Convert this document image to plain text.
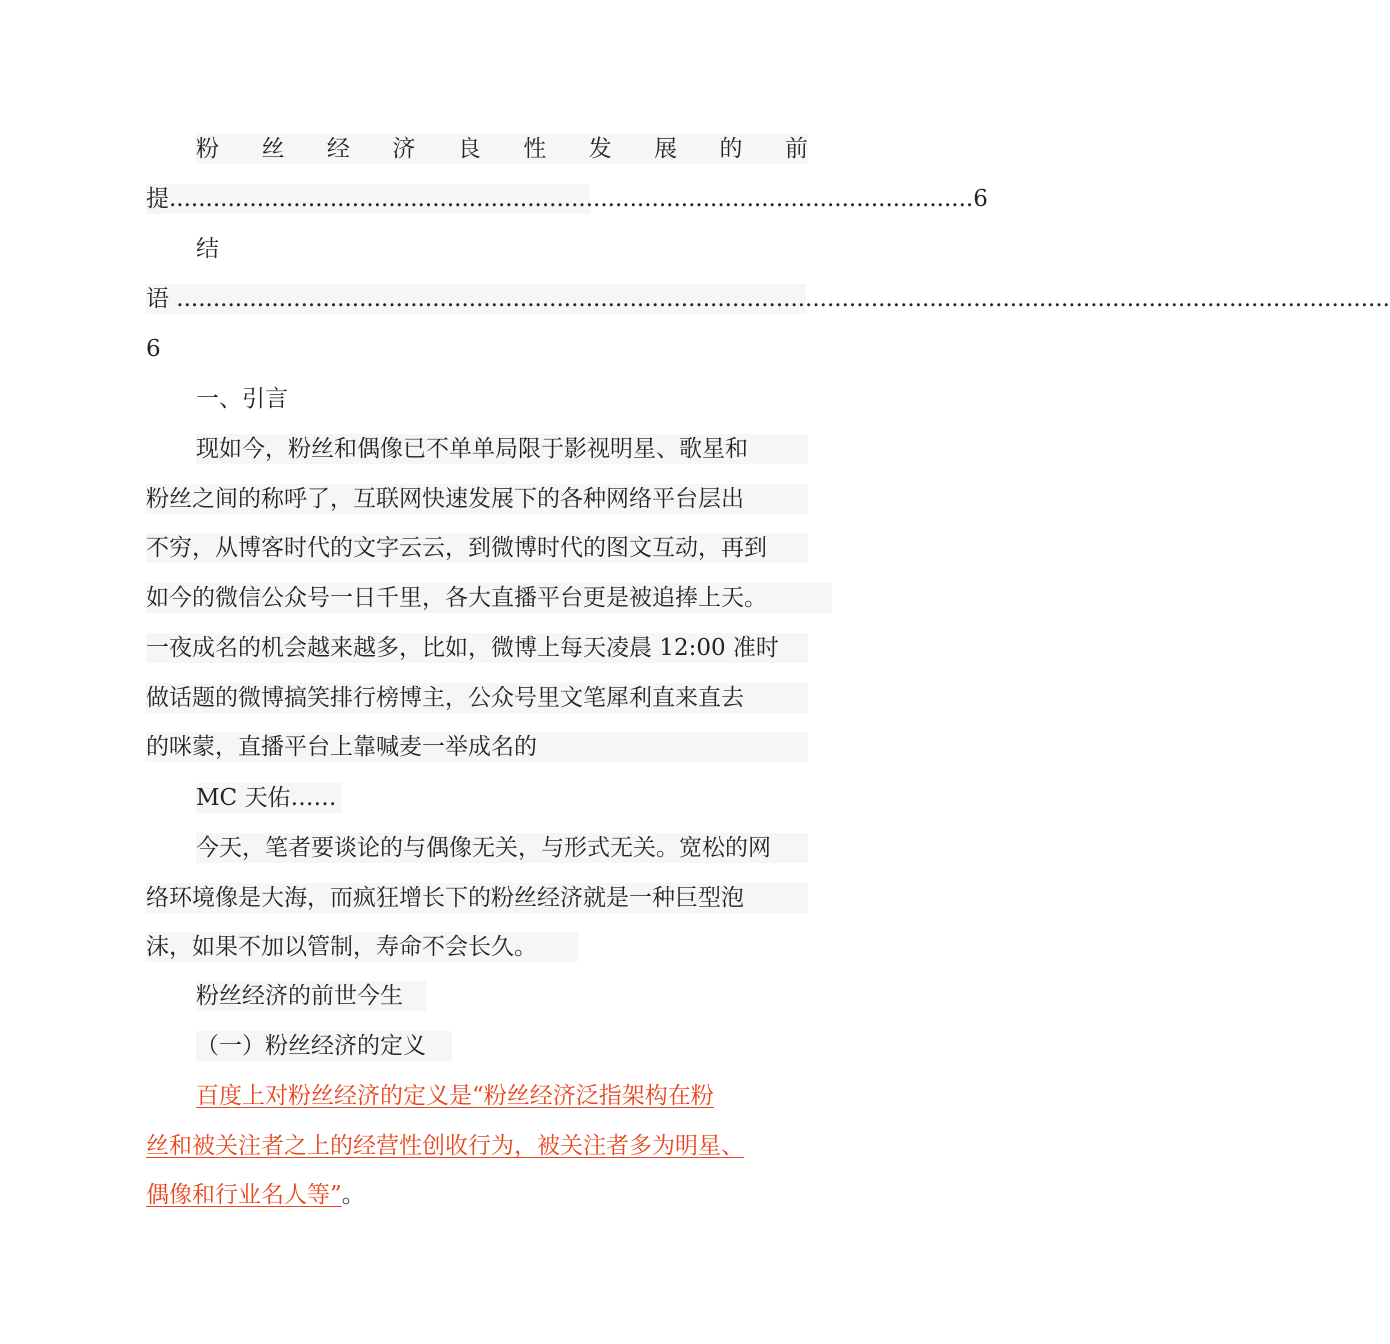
粉 丝 经 济 良 性 发 展 的 前
提 .............................................................................................................. 6
结
语 ......................................................................................................................................................................
6
一、引言
MC 天佑……
粉丝经济的前世今生
（一）粉丝经济的定义
现如今，粉丝和偶像已不单单局限于影视明星、歌星和
粉丝之间的称呼了，互联网快速发展下的各种网络平台层出
不穷，从博客时代的文字云云，到微博时代的图文互动，再到
如今的微信公众号一日千里，各大直播平台更是被追捧上天。
一夜成名的机会越来越多，比如，微博上每天凌晨 12:00 准时
做话题的微博搞笑排行榜博主，公众号里文笔犀利直来直去
的咪蒙，直播平台上靠喊麦一举成名的
今天，笔者要谈论的与偶像无关，与形式无关。宽松的网
络环境像是大海，而疯狂增长下的粉丝经济就是一种巨型泡
沫，如果不加以管制，寿命不会长久。
百度上对粉丝经济的定义是“粉丝经济泛指架构在粉
丝和被关注者之上的经营性创收行为，被关注者多为明星、
偶像和行业名人等”。
